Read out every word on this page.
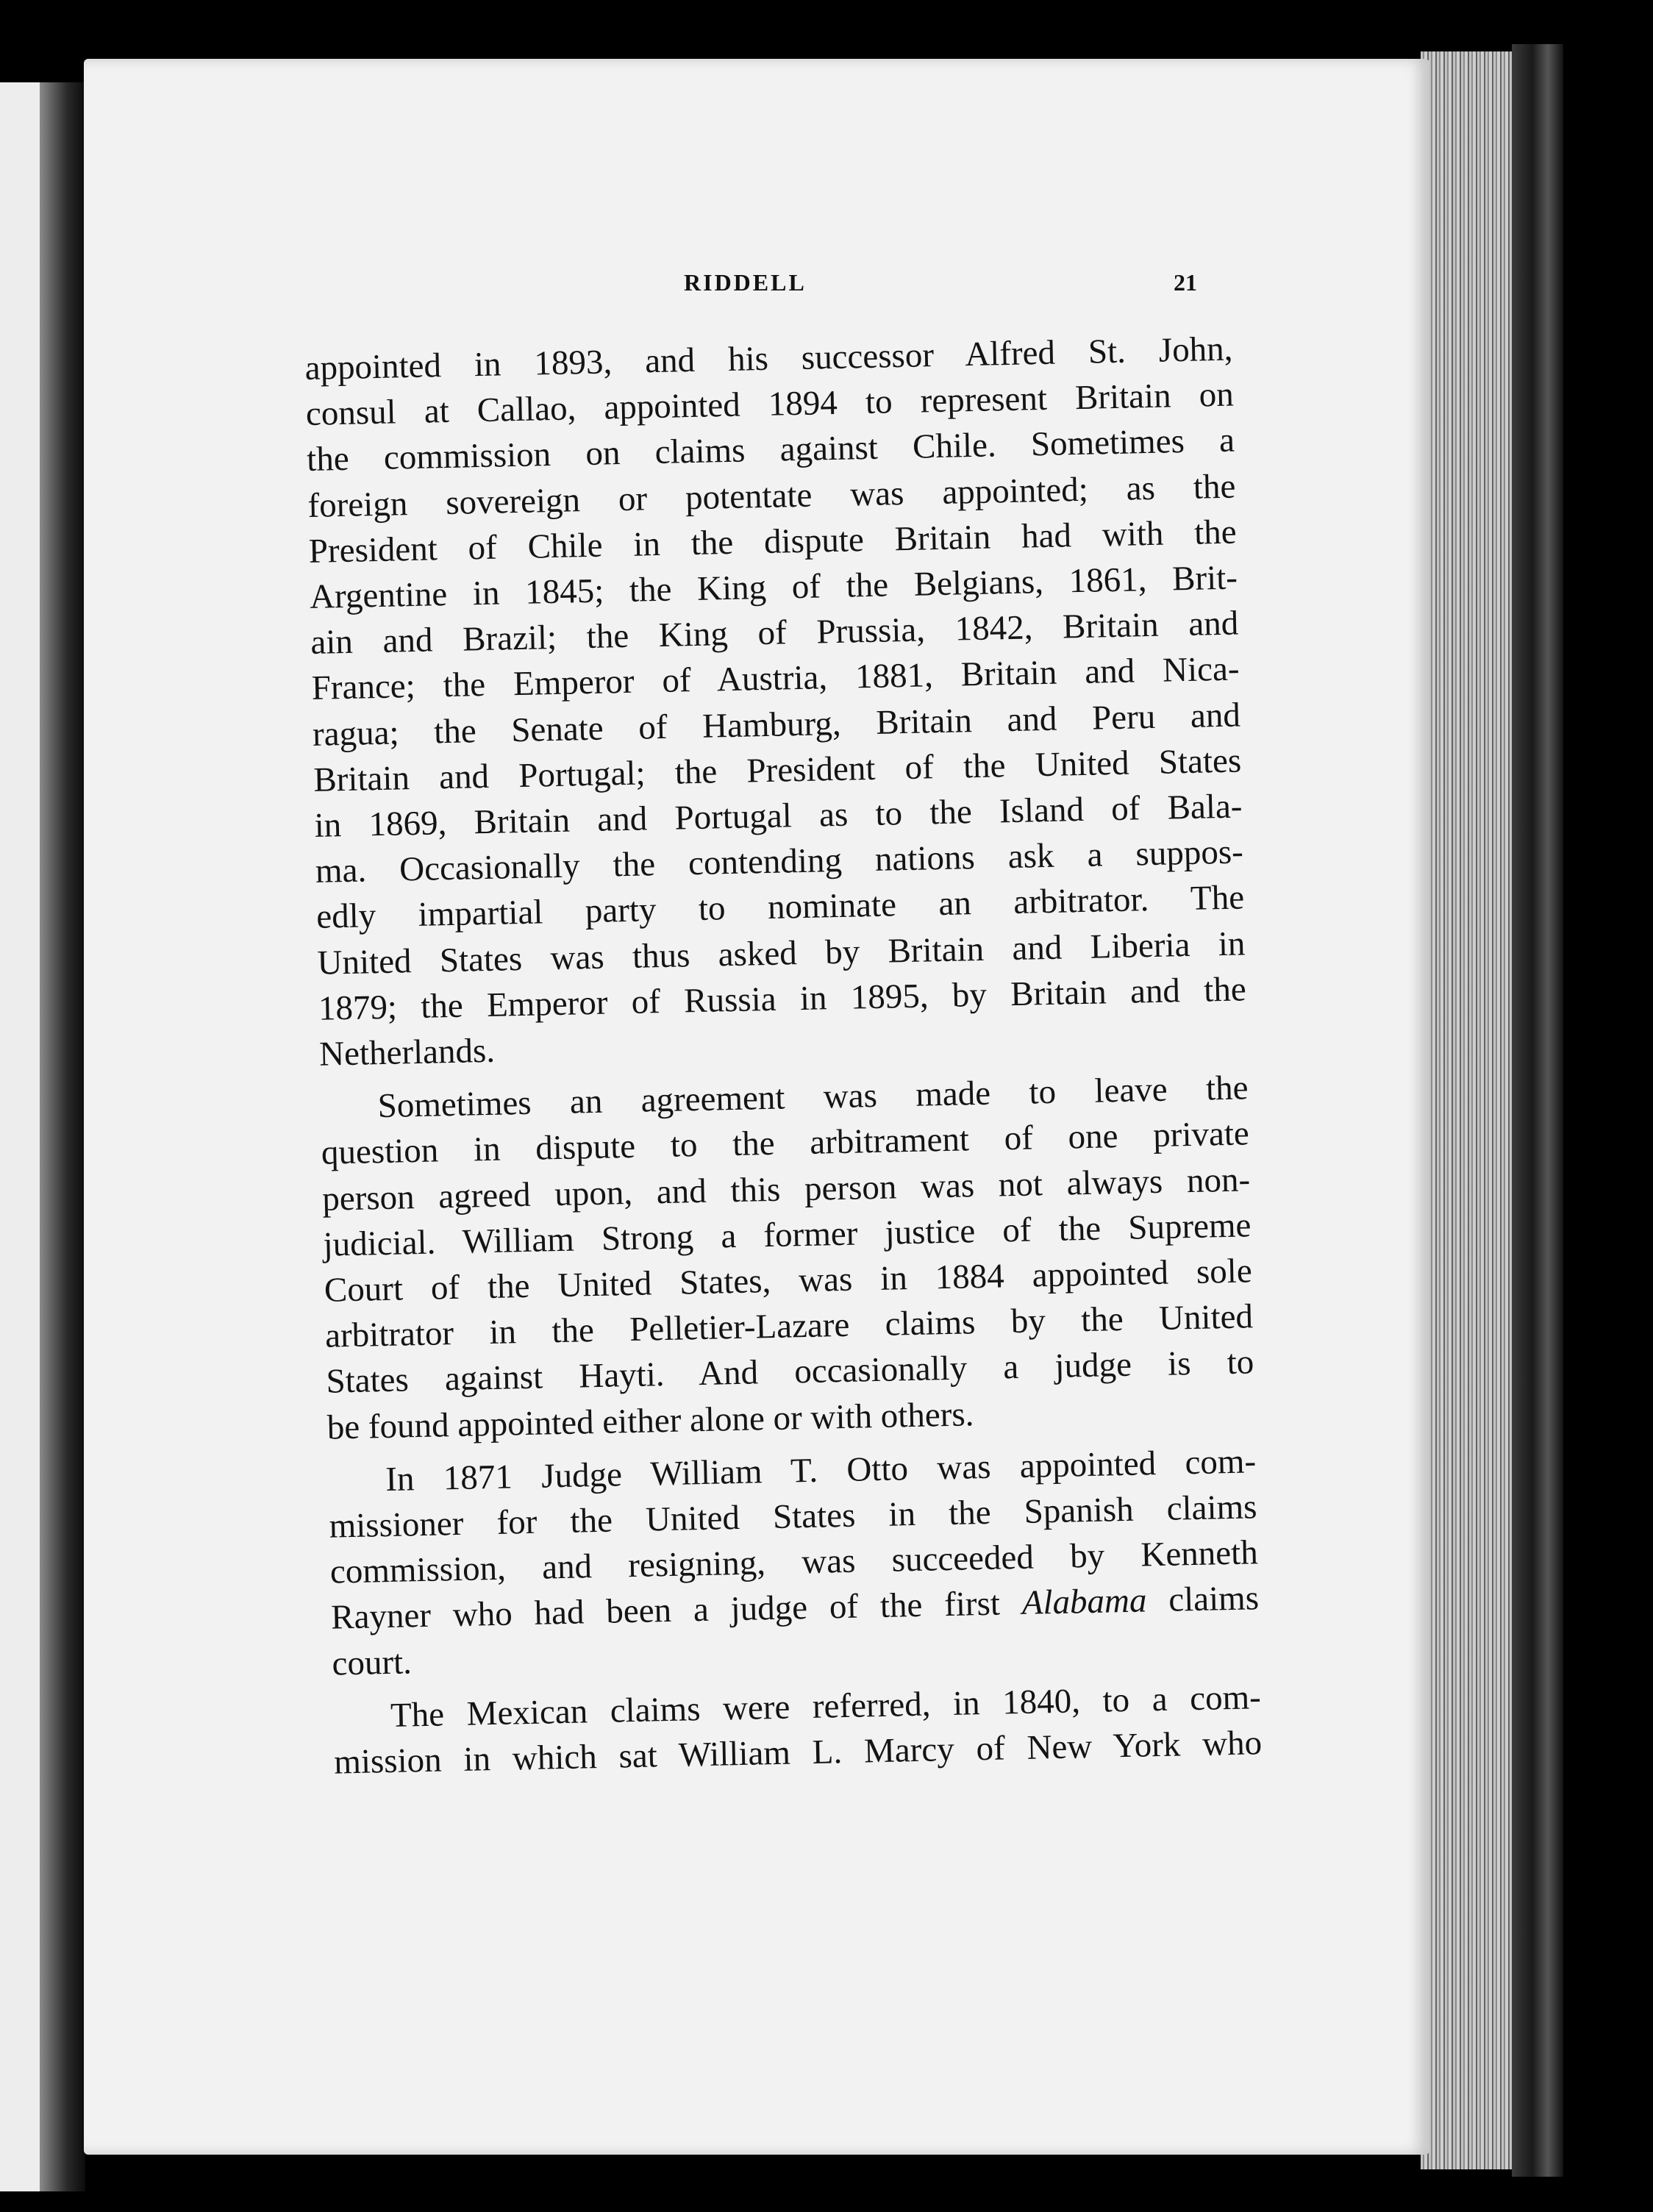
RIDDELL	21
appointed in 1893, and his successor Alfred St. John,
consul at Callao, appointed 1894 to represent Britain on
the commission on claims against Chile. Sometimes a
foreign sovereign or potentate was appointed; as the
President of Chile in the dispute Britain had with the
Argentine in 1845; the King of the Belgians, 1861, Brit-
ain and Brazil; the King of Prussia, 1842, Britain and
France; the Emperor of Austria, 1881, Britain and Nica-
ragua; the Senate of Hamburg, Britain and Peru and
Britain and Portugal; the President of the United States
in 1869, Britain and Portugal as to the Island of Bala-
ma. Occasionally the contending nations ask a suppos-
edly impartial party to nominate an arbitrator. The
United States was thus asked by Britain and Liberia in
1879; the Emperor of Russia in 1895, by Britain and the
Netherlands.
Sometimes an agreement was made to leave the
question in dispute to the arbitrament of one private
person agreed upon, and this person was not always non-
judicial. William Strong a former justice of the Supreme
Court of the United States, was in 1884 appointed sole
arbitrator in the Pelletier-Lazare claims by the United
States against Hayti. And occasionally a judge is to
be found appointed either alone or with others.
In 1871 Judge William T. Otto was appointed com-
missioner for the United States in the Spanish claims
commission, and resigning, was succeeded by Kenneth
Rayner who had been a judge of the first Alabama claims
court.
The Mexican claims were referred, in 1840, to a com-
mission in which sat William L. Marcy of New York who
